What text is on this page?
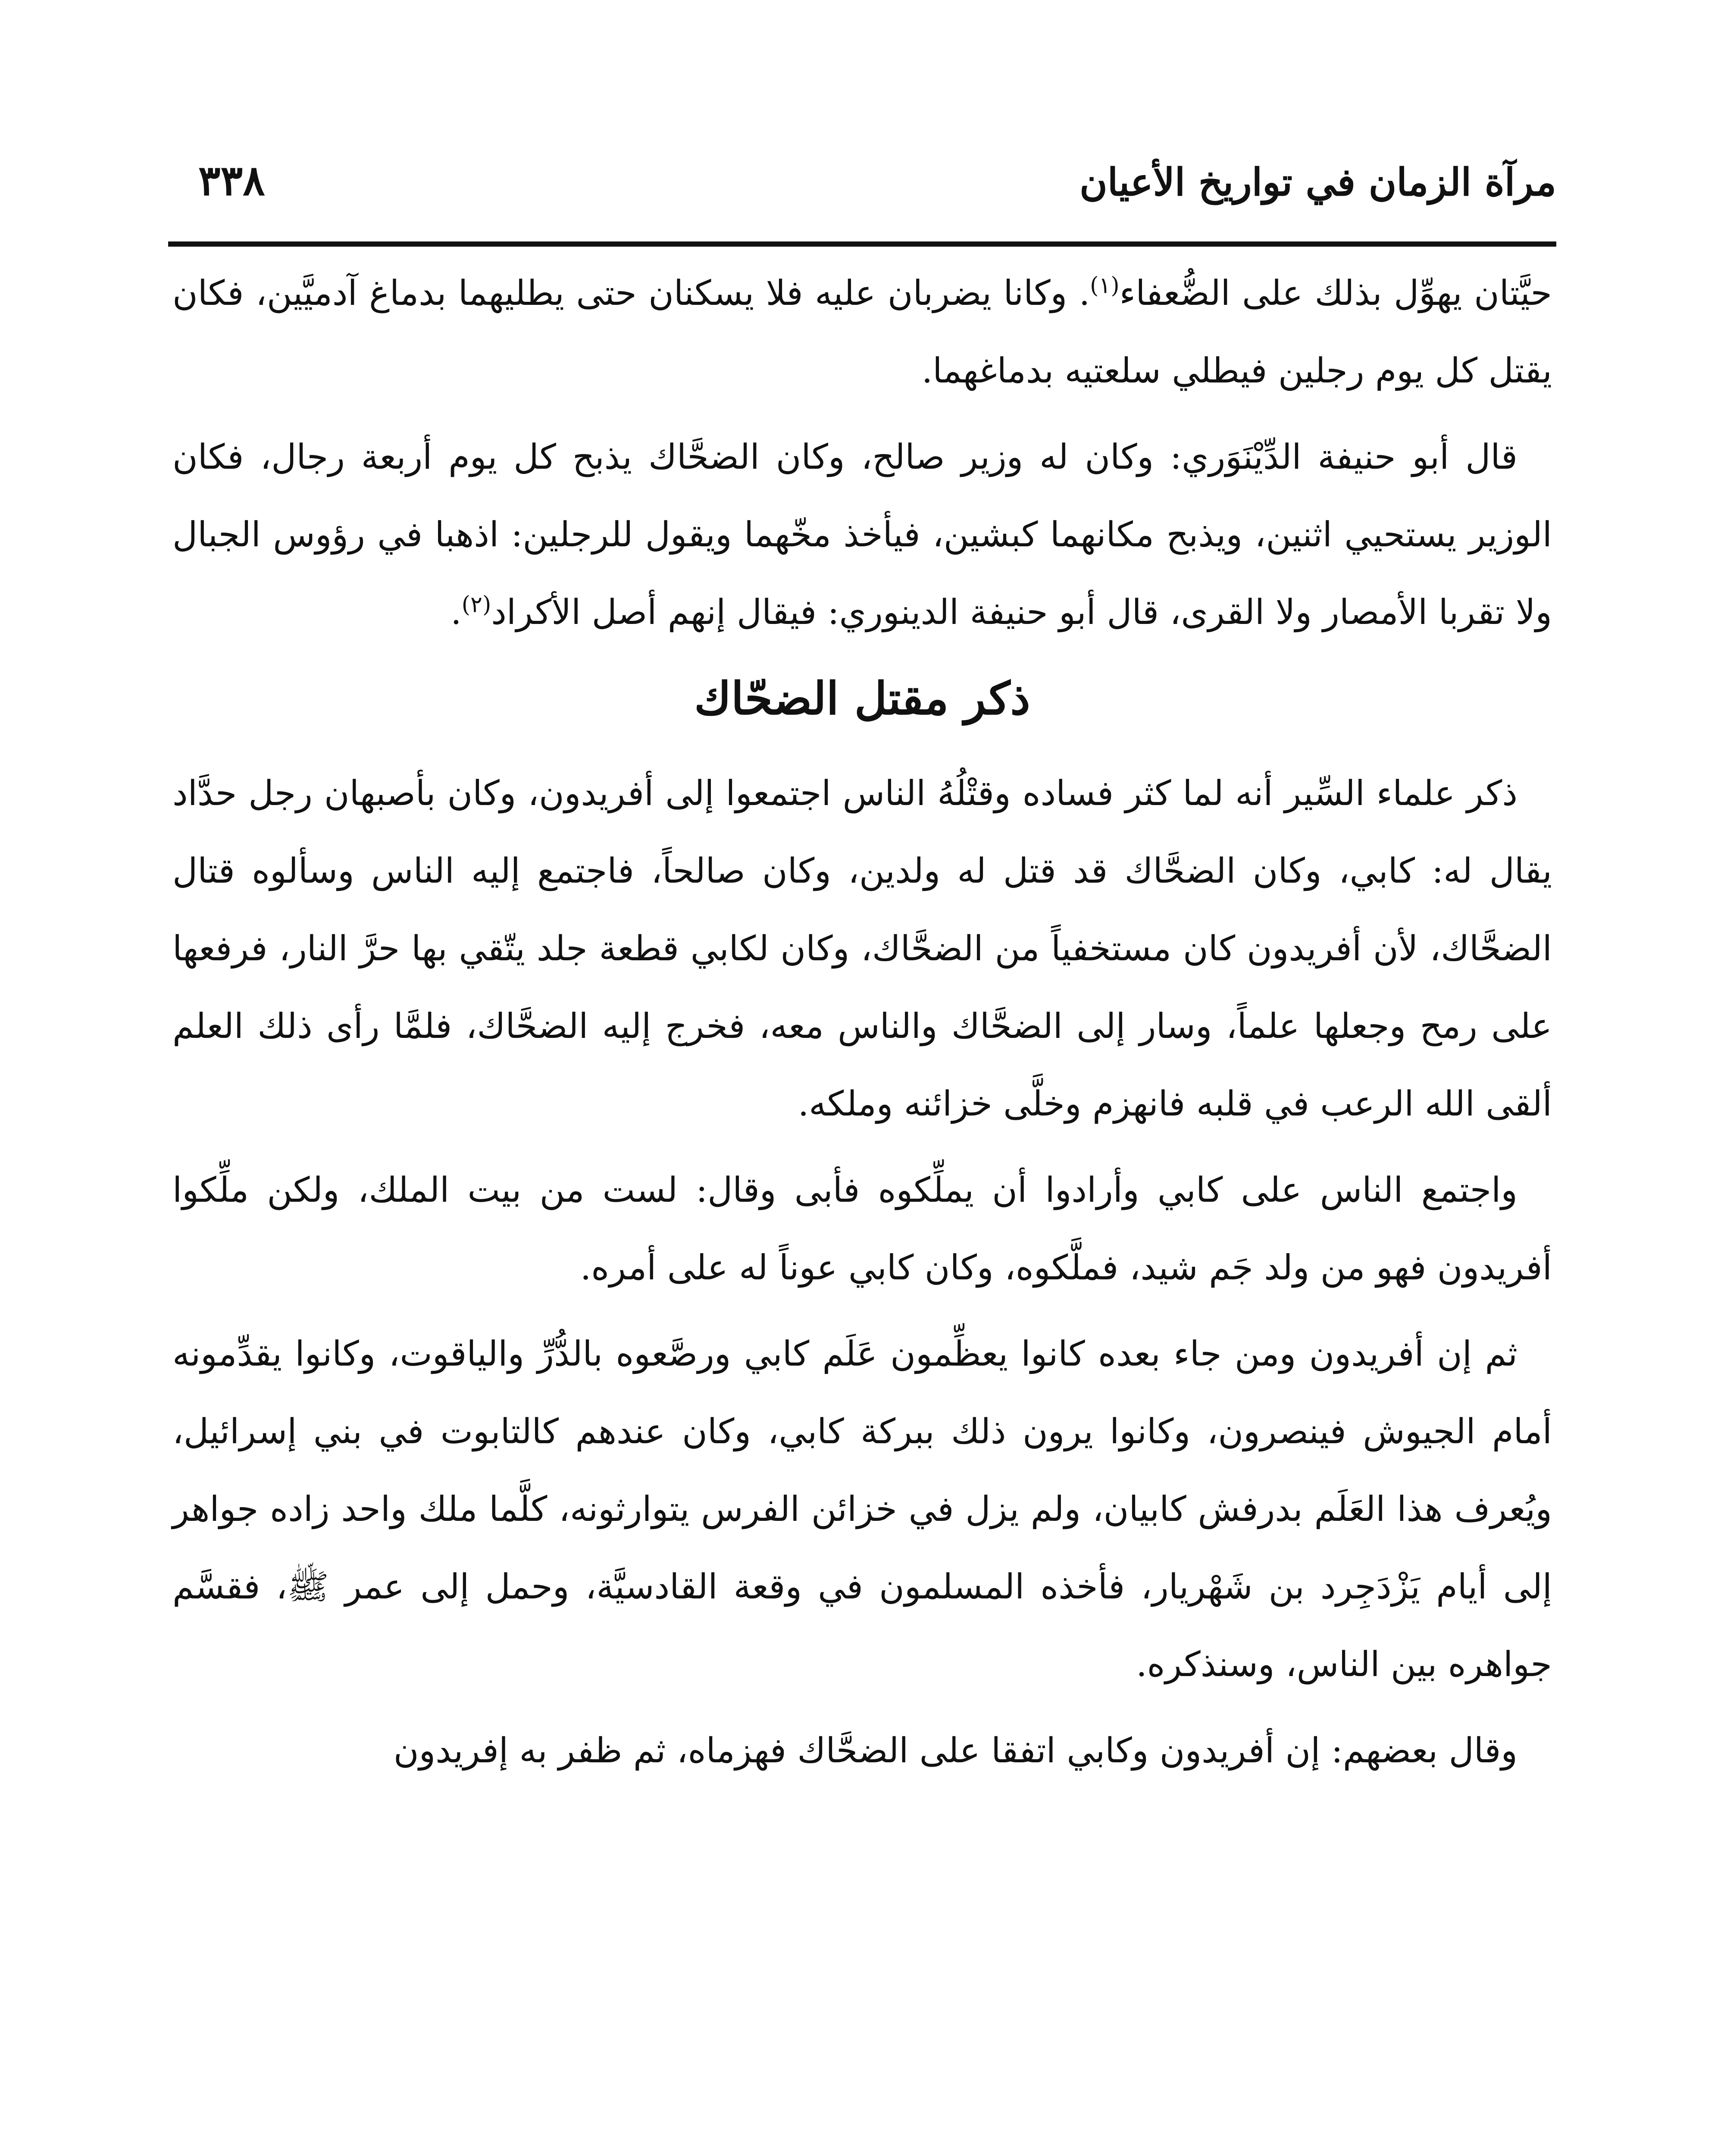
مرآة الزمان في تواريخ الأعيان
٣٣٨

حيَّتان يهوِّل بذلك على الضُّعفاء$^{(١)}$. وكانا يضربان عليه فلا يسكنان حتى يطليهما بدماغ آدميَّين، فكان يقتل كل يوم رجلين فيطلي سلعتيه بدماغهما.

قال أبو حنيفة الدِّيْنَوَري: وكان له وزير صالح، وكان الضحَّاك يذبح كل يوم أربعة رجال، فكان الوزير يستحيي اثنين، ويذبح مكانهما كبشين، فيأخذ مخّهما ويقول للرجلين: اذهبا في رؤوس الجبال ولا تقربا الأمصار ولا القرى، قال أبو حنيفة الدينوري: فيقال إنهم أصل الأكراد$^{(٢)}$.

ذكر مقتل الضحّاك

ذكر علماء السِّير أنه لما كثر فساده وقتْلُهُ الناس اجتمعوا إلى أفريدون، وكان بأصبهان رجل حدَّاد يقال له: كابي، وكان الضحَّاك قد قتل له ولدين، وكان صالحاً، فاجتمع إليه الناس وسألوه قتال الضحَّاك، لأن أفريدون كان مستخفياً من الضحَّاك، وكان لكابي قطعة جلد يتّقي بها حرَّ النار، فرفعها على رمح وجعلها علماً، وسار إلى الضحَّاك والناس معه، فخرج إليه الضحَّاك، فلمَّا رأى ذلك العلم ألقى الله الرعب في قلبه فانهزم وخلَّى خزائنه وملكه.

واجتمع الناس على كابي وأرادوا أن يملِّكوه فأبى وقال: لست من بيت الملك، ولكن ملِّكوا أفريدون فهو من ولد جَم شيد، فملَّكوه، وكان كابي عوناً له على أمره.

ثم إن أفريدون ومن جاء بعده كانوا يعظِّمون عَلَم كابي ورصَّعوه بالدُّرِّ والياقوت، وكانوا يقدِّمونه أمام الجيوش فينصرون، وكانوا يرون ذلك ببركة كابي، وكان عندهم كالتابوت في بني إسرائيل، ويُعرف هذا العَلَم بدرفش كابيان، ولم يزل في خزائن الفرس يتوارثونه، كلَّما ملك واحد زاده جواهر إلى أيام يَزْدَجِرد بن شَهْريار، فأخذه المسلمون في وقعة القادسيَّة، وحمل إلى عمر ﷺ، فقسَّم جواهره بين الناس، وسنذكره.

وقال بعضهم: إن أفريدون وكابي اتفقا على الضحَّاك فهزماه، ثم ظفر به إفريدون
